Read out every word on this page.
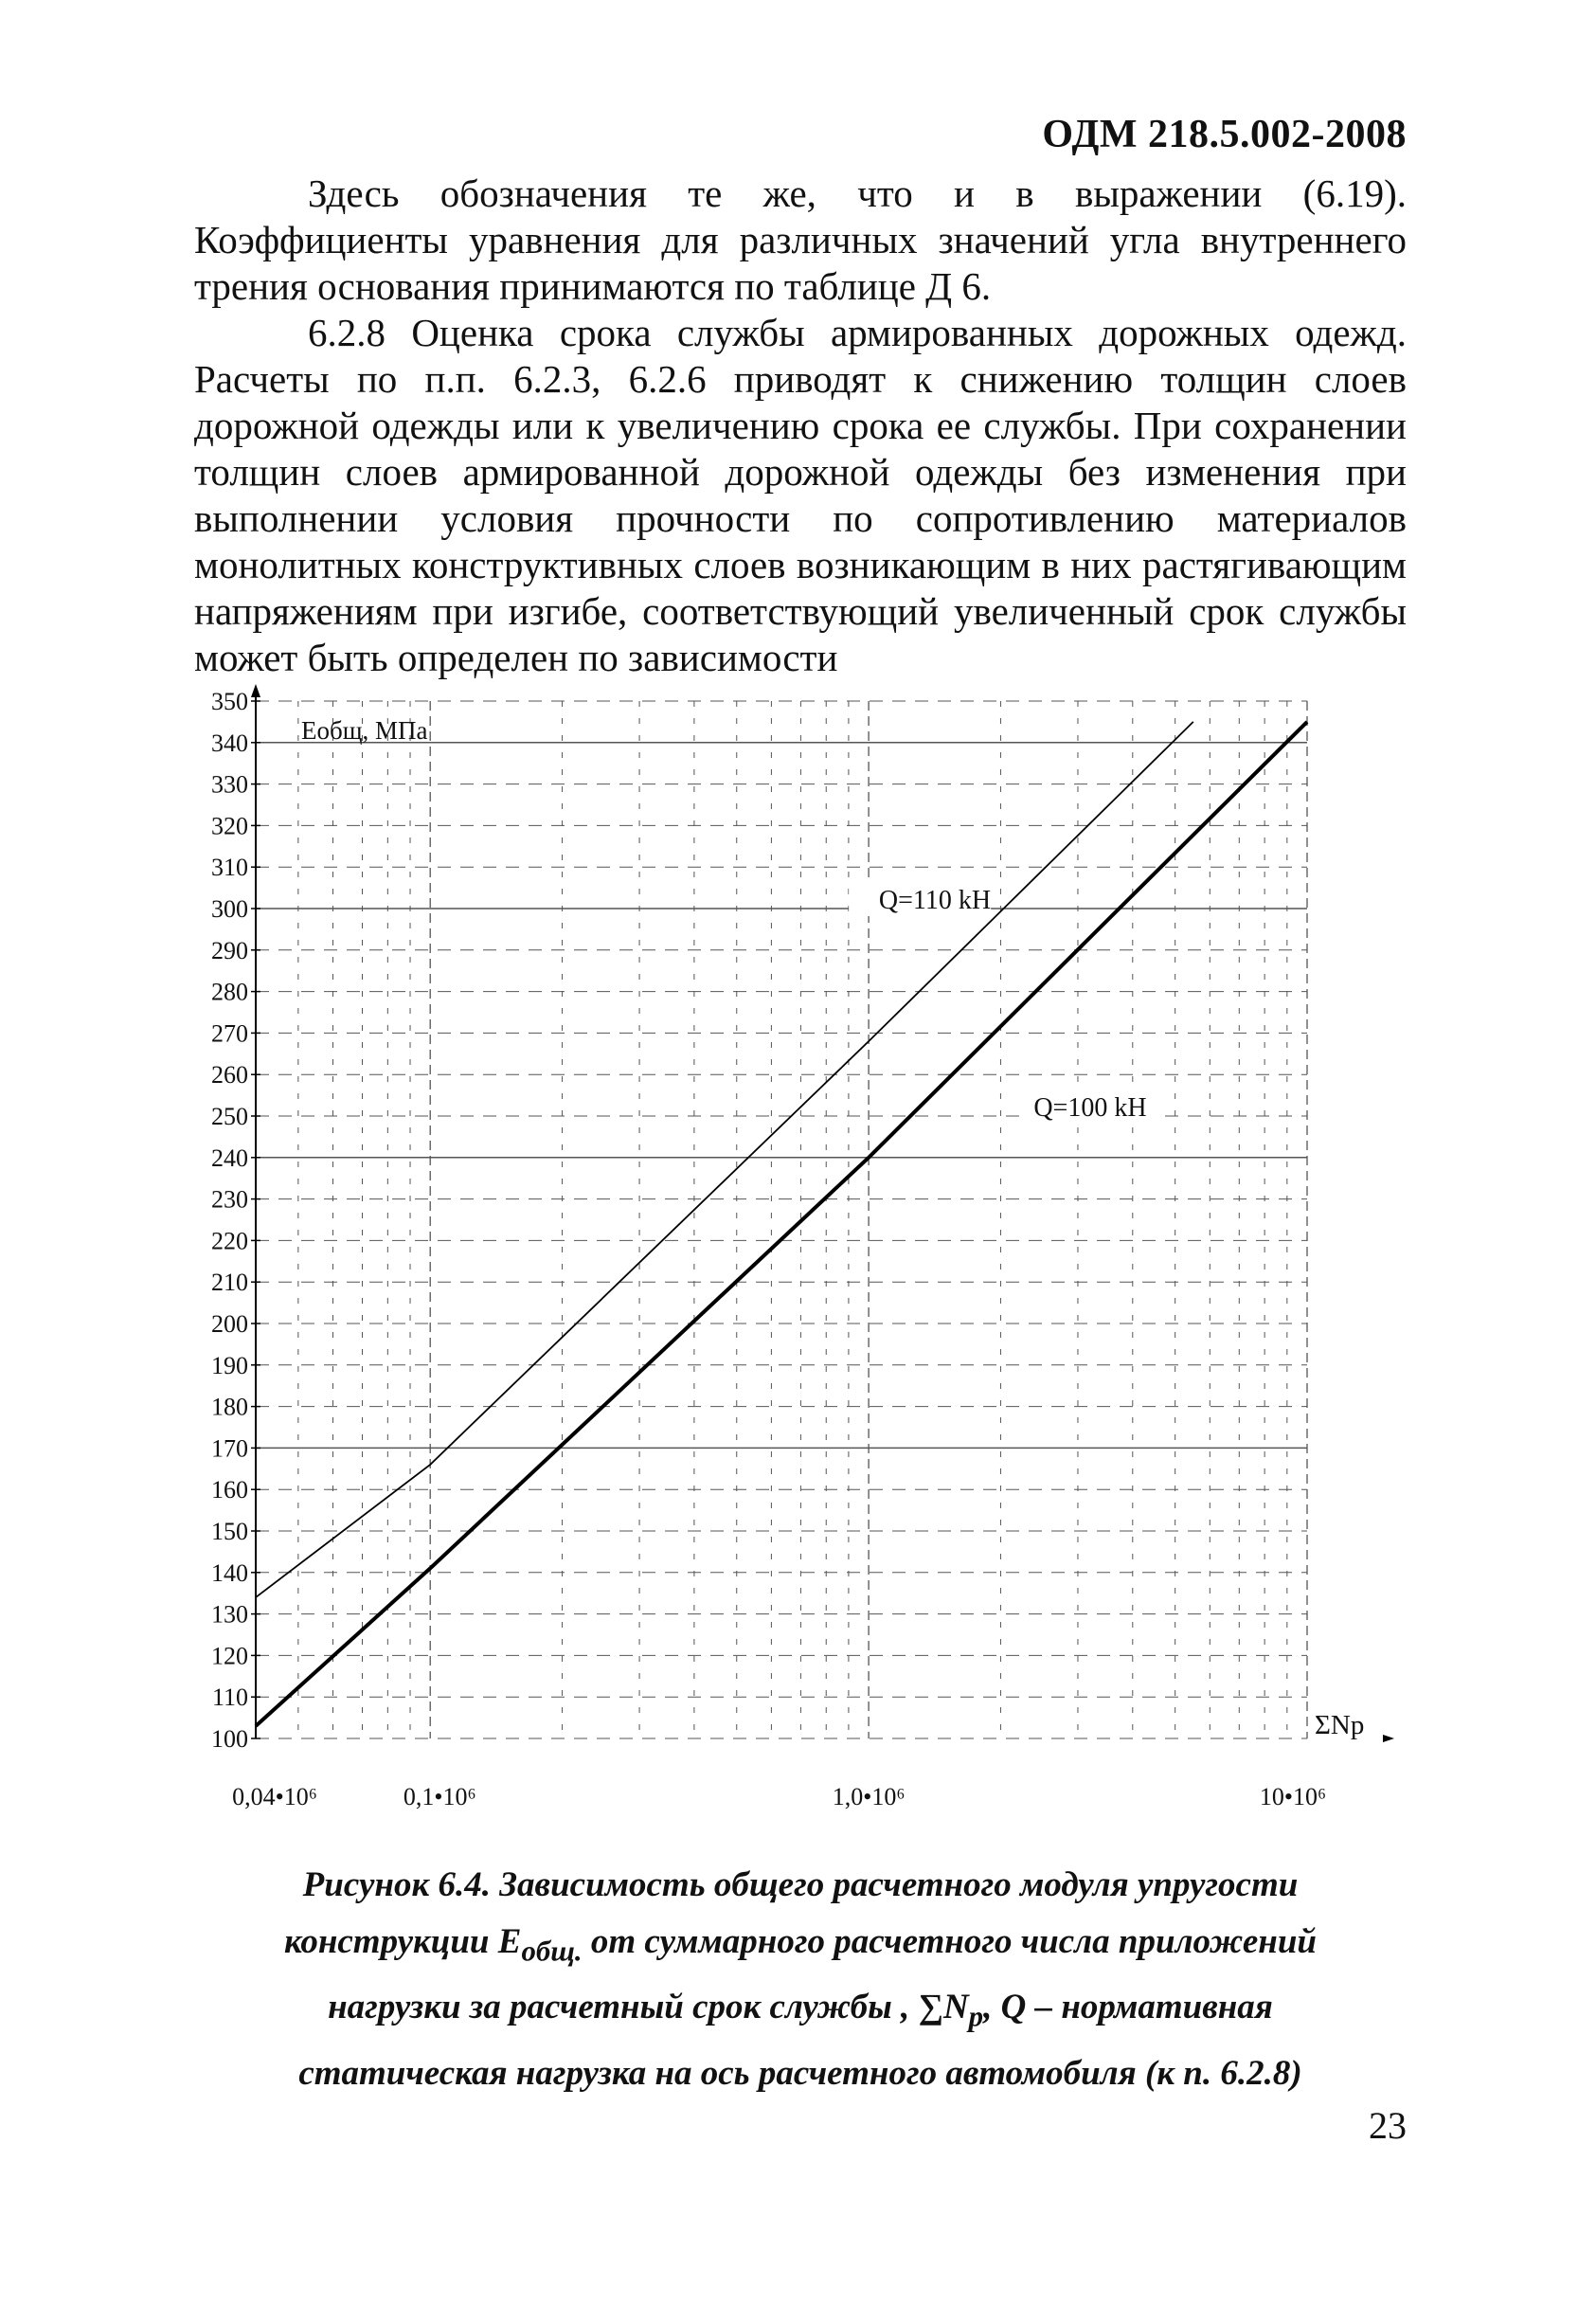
ОДМ 218.5.002-2008

Здесь обозначения те же, что и в выражении (6.19). Коэффициенты уравнения для различных значений угла внутреннего трения основания принимаются по таблице Д 6.

6.2.8 Оценка срока службы армированных дорожных одежд. Расчеты по п.п. 6.2.3, 6.2.6 приводят к снижению толщин слоев дорожной одежды или к увеличению срока ее службы. При сохранении толщин слоев армированной дорожной одежды без изменения при выполнении условия прочности по сопротивлению материалов монолитных конструктивных слоев возникающим в них растягивающим напряжениям при изгибе, соответствующий увеличенный срок службы может быть определен по зависимости

100
110
120
130
140
150
160
170
180
190
200
210
220
230
240
250
260
270
280
290
300
310
320
330
340
350
Eобщ, МПа
ΣNp
0,04•10⁶	0,1•10⁶	1,0•10⁶	10•10⁶
Q=110 kH
Q=100 kH
Рисунок 6.4. Зависимость общего расчетного модуля упругости
конструкции $E_{общ.}$ от суммарного расчетного числа приложений
нагрузки за расчетный срок службы , $\sum N_p$, Q – нормативная
статическая нагрузка на ось расчетного автомобиля (к п. 6.2.8)
23
